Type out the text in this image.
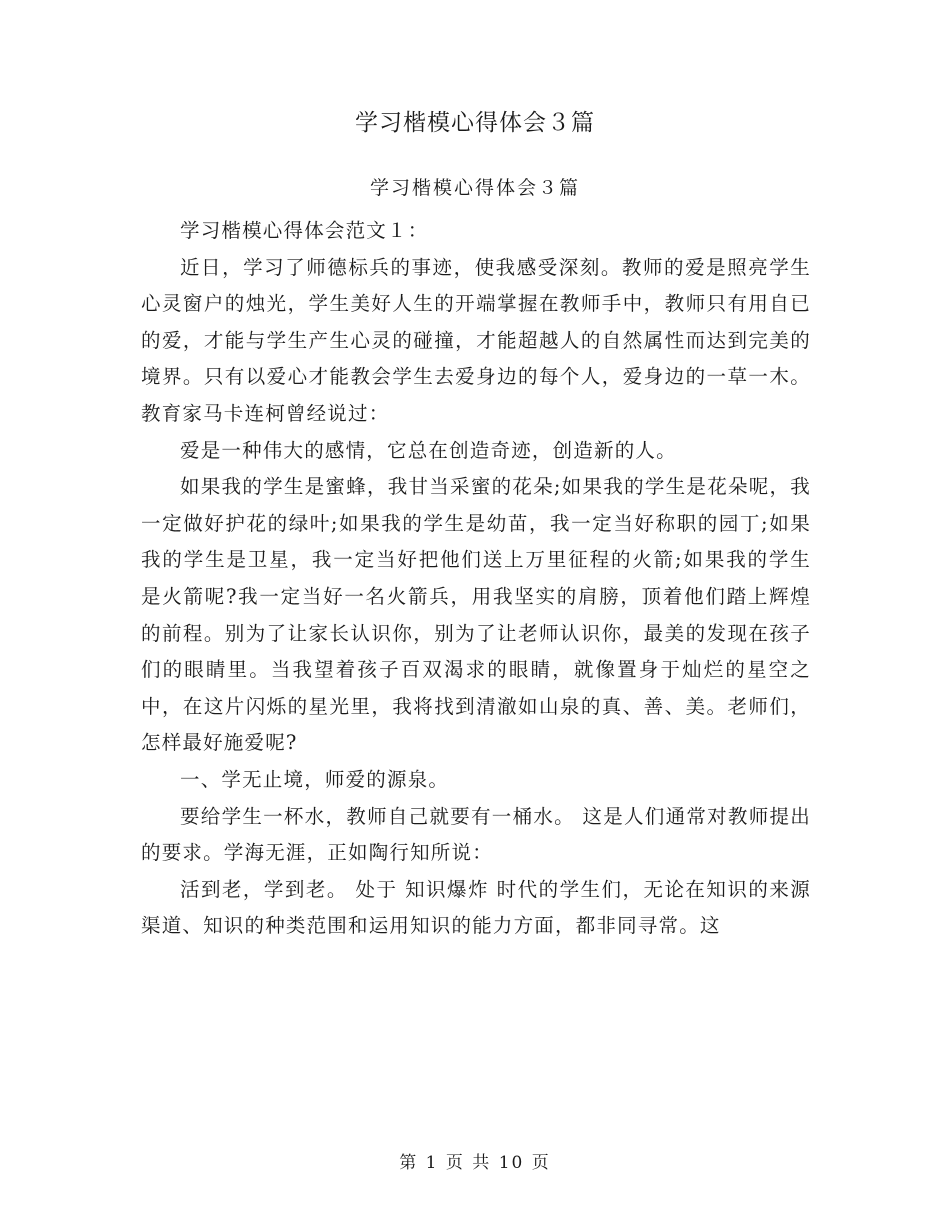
学习楷模心得体会３篇
学习楷模心得体会３篇

学习楷模心得体会范文１：

近日，学习了师德标兵的事迹，使我感受深刻。教师的爱是照亮学生心灵窗户的烛光，学生美好人生的开端掌握在教师手中，教师只有用自已的爱，才能与学生产生心灵的碰撞，才能超越人的自然属性而达到完美的境界。只有以爱心才能教会学生去爱身边的每个人，爱身边的一草一木。教育家马卡连柯曾经说过：

爱是一种伟大的感情，它总在创造奇迹，创造新的人。

如果我的学生是蜜蜂，我甘当采蜜的花朵;如果我的学生是花朵呢，我一定做好护花的绿叶;如果我的学生是幼苗，我一定当好称职的园丁;如果我的学生是卫星，我一定当好把他们送上万里征程的火箭;如果我的学生是火箭呢?我一定当好一名火箭兵，用我坚实的肩膀，顶着他们踏上辉煌的前程。别为了让家长认识你，别为了让老师认识你，最美的发现在孩子们的眼睛里。当我望着孩子百双渴求的眼睛，就像置身于灿烂的星空之中，在这片闪烁的星光里，我将找到清澈如山泉的真、善、美。老师们，怎样最好施爱呢?

一、学无止境，师爱的源泉。

要给学生一杯水，教师自己就要有一桶水。 这是人们通常对教师提出的要求。学海无涯，正如陶行知所说：

活到老，学到老。 处于 知识爆炸 时代的学生们，无论在知识的来源渠道、知识的种类范围和运用知识的能力方面，都非同寻常。这

第 1 页 共 10 页
